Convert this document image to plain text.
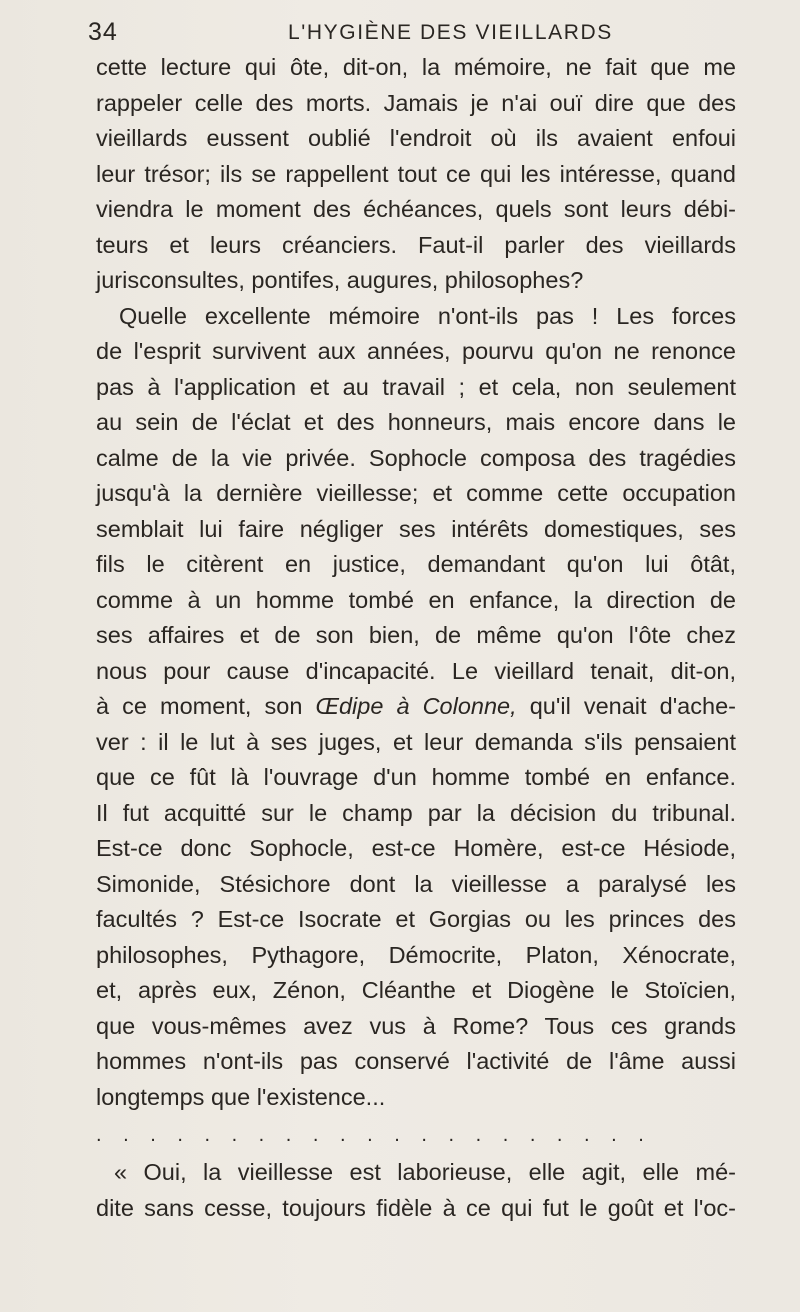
34	L'HYGIÈNE DES VIEILLARDS
cette lecture qui ôte, dit-on, la mémoire, ne fait que me
rappeler celle des morts. Jamais je n'ai ouï dire que des
vieillards eussent oublié l'endroit où ils avaient enfoui
leur trésor; ils se rappellent tout ce qui les intéresse, quand
viendra le moment des échéances, quels sont leurs débi-
teurs et leurs créanciers. Faut-il parler des vieillards
jurisconsultes, pontifes, augures, philosophes?
Quelle excellente mémoire n'ont-ils pas ! Les forces
de l'esprit survivent aux années, pourvu qu'on ne renonce
pas à l'application et au travail ; et cela, non seulement
au sein de l'éclat et des honneurs, mais encore dans le
calme de la vie privée. Sophocle composa des tragédies
jusqu'à la dernière vieillesse; et comme cette occupation
semblait lui faire négliger ses intérêts domestiques, ses
fils le citèrent en justice, demandant qu'on lui ôtât,
comme à un homme tombé en enfance, la direction de
ses affaires et de son bien, de même qu'on l'ôte chez
nous pour cause d'incapacité. Le vieillard tenait, dit-on,
à ce moment, son Œdipe à Colonne, qu'il venait d'ache-
ver : il le lut à ses juges, et leur demanda s'ils pensaient
que ce fût là l'ouvrage d'un homme tombé en enfance.
Il fut acquitté sur le champ par la décision du tribunal.
Est-ce donc Sophocle, est-ce Homère, est-ce Hésiode,
Simonide, Stésichore dont la vieillesse a paralysé les
facultés ? Est-ce Isocrate et Gorgias ou les princes des
philosophes, Pythagore, Démocrite, Platon, Xénocrate,
et, après eux, Zénon, Cléanthe et Diogène le Stoïcien,
que vous-mêmes avez vus à Rome? Tous ces grands
hommes n'ont-ils pas conservé l'activité de l'âme aussi
longtemps que l'existence...
. . . . . . . . . . . . . . . . . . . . .
« Oui, la vieillesse est laborieuse, elle agit, elle mé-
dite sans cesse, toujours fidèle à ce qui fut le goût et l'oc-
